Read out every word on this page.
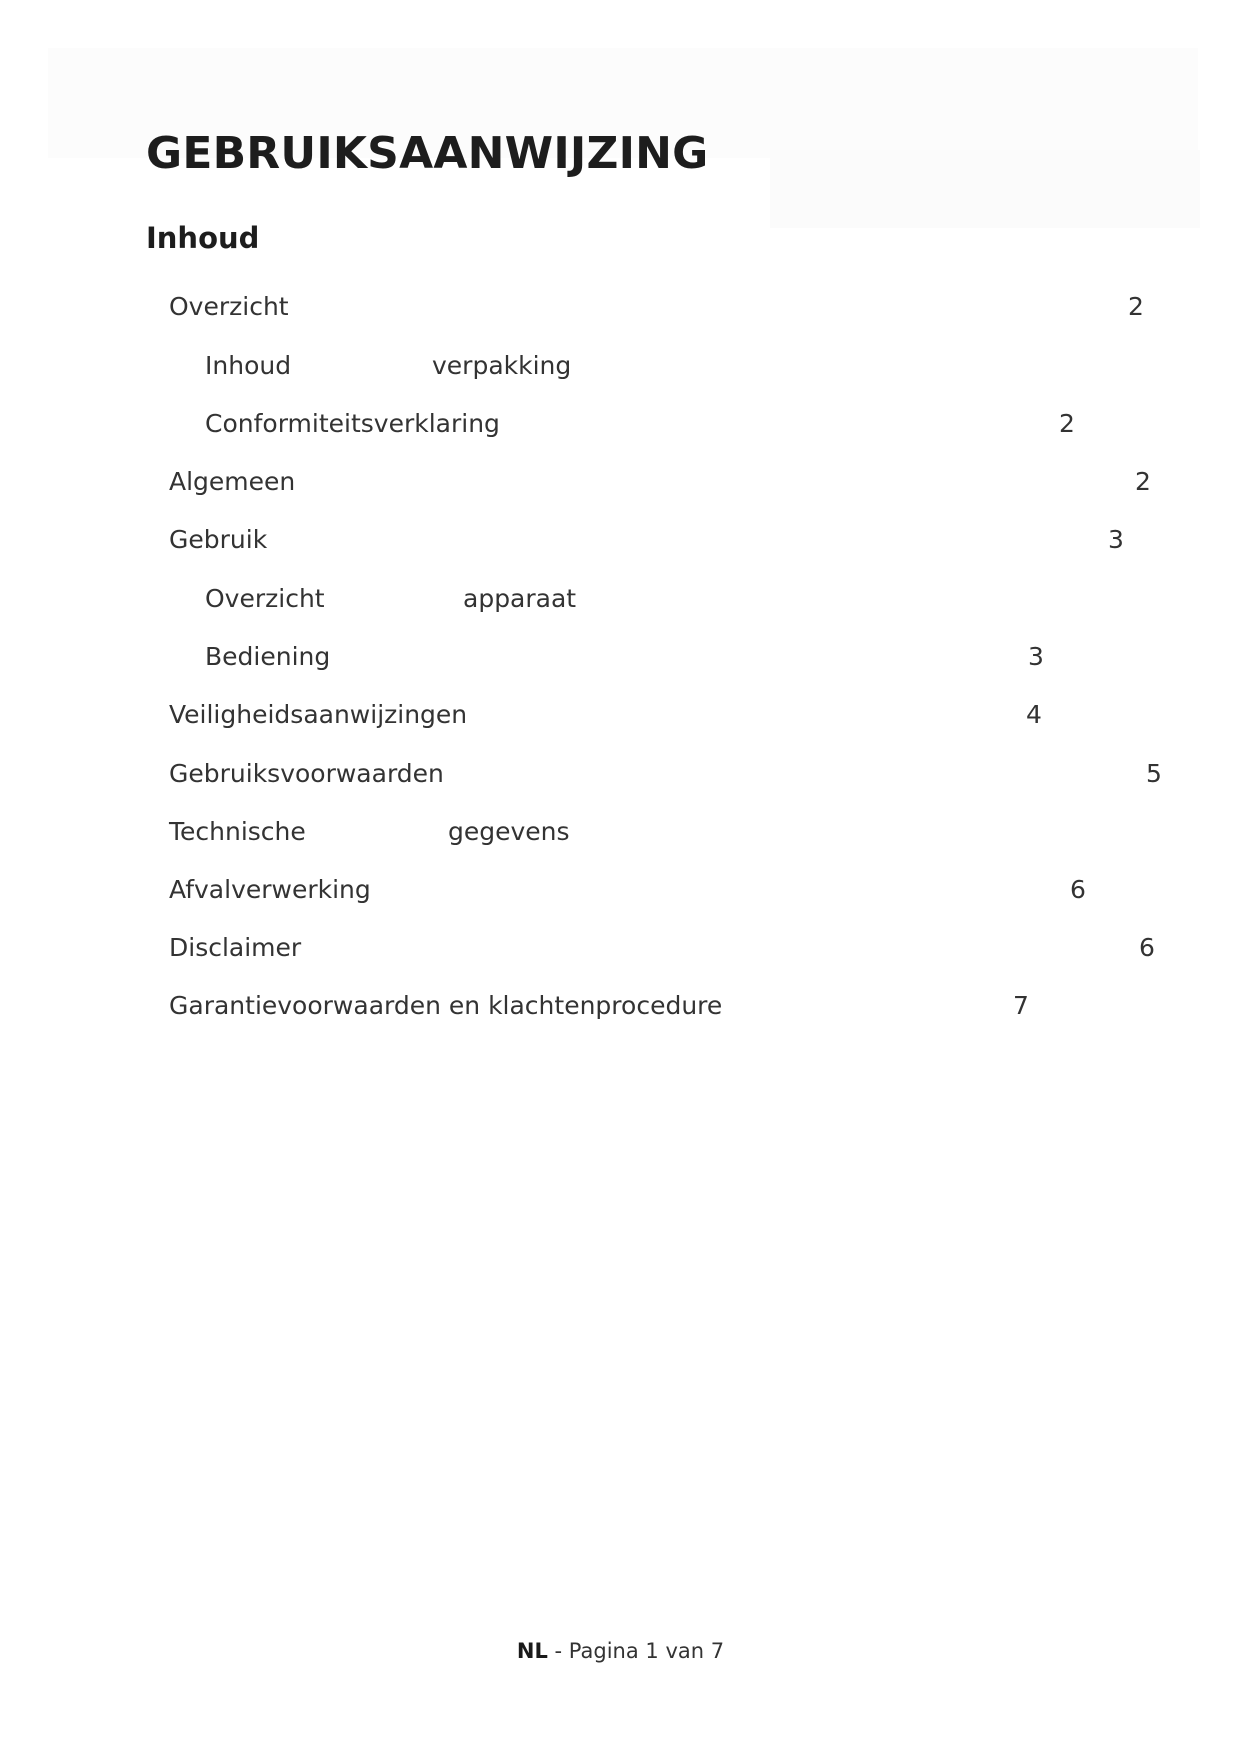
GEBRUIKSAANWIJZING
Inhoud
Overzicht	2
Inhoud	verpakking
Conformiteitsverklaring	2
Algemeen	2
Gebruik	3
Overzicht	apparaat
Bediening	3
Veiligheidsaanwijzingen	4
Gebruiksvoorwaarden	5
Technische	gegevens
Afvalverwerking	6
Disclaimer	6
Garantievoorwaarden en klachtenprocedure	7
NL - Pagina 1 van 7
